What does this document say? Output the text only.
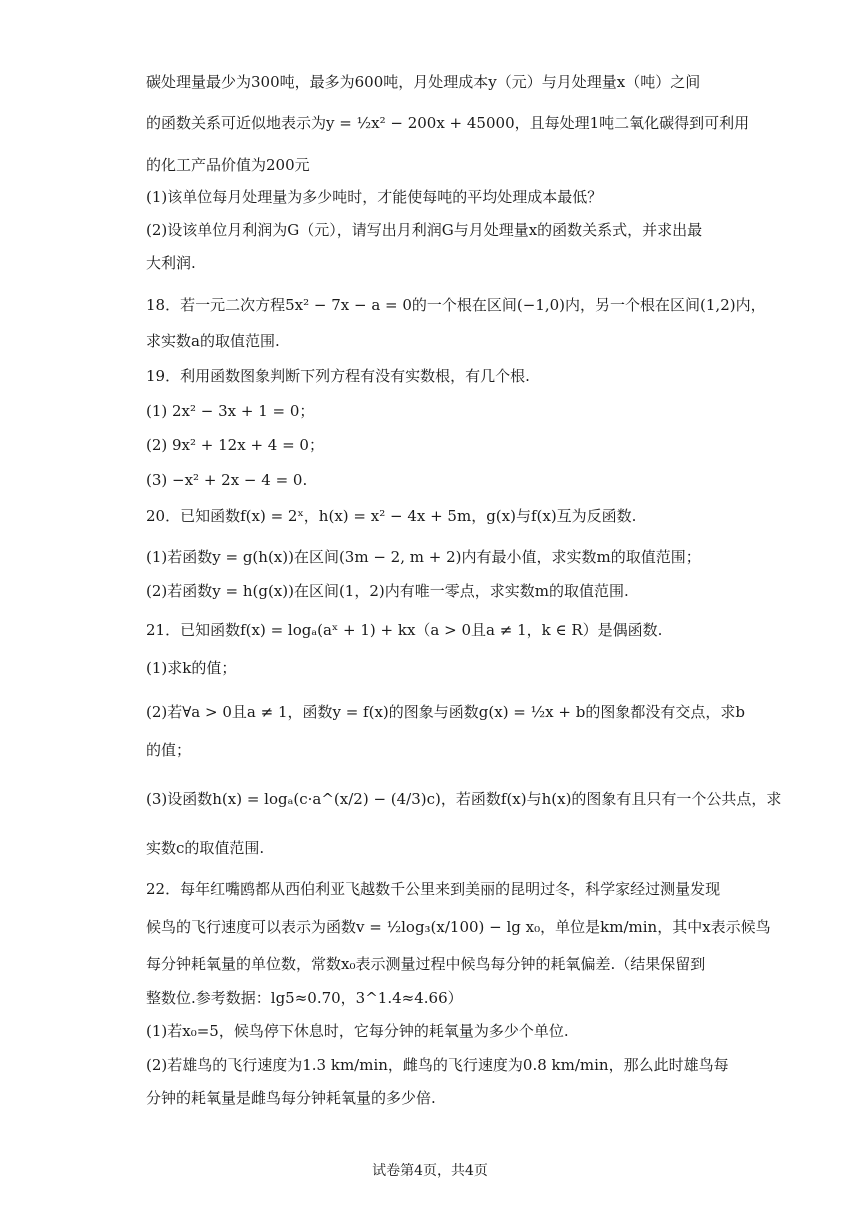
碳处理量最少为300吨，最多为600吨，月处理成本y（元）与月处理量x（吨）之间
的函数关系可近似地表示为y = ½x² − 200x + 45000，且每处理1吨二氧化碳得到可利用
的化工产品价值为200元
(1)该单位每月处理量为多少吨时，才能使每吨的平均处理成本最低？
(2)设该单位月利润为G（元），请写出月利润G与月处理量x的函数关系式，并求出最
大利润.
18．若一元二次方程5x² − 7x − a = 0的一个根在区间(−1,0)内，另一个根在区间(1,2)内，
求实数a的取值范围.
19．利用函数图象判断下列方程有没有实数根，有几个根.
(1) 2x² − 3x + 1 = 0；
(2) 9x² + 12x + 4 = 0；
(3) −x² + 2x − 4 = 0.
20．已知函数f(x) = 2ˣ，h(x) = x² − 4x + 5m，g(x)与f(x)互为反函数.
(1)若函数y = g(h(x))在区间(3m − 2, m + 2)内有最小值，求实数m的取值范围；
(2)若函数y = h(g(x))在区间(1，2)内有唯一零点，求实数m的取值范围.
21．已知函数f(x) = logₐ(aˣ + 1) + kx（a > 0且a ≠ 1，k ∈ R）是偶函数.
(1)求k的值；
(2)若∀a > 0且a ≠ 1，函数y = f(x)的图象与函数g(x) = ½x + b的图象都没有交点，求b
的值；
(3)设函数h(x) = logₐ(c·a^(x/2) − (4/3)c)，若函数f(x)与h(x)的图象有且只有一个公共点，求
实数c的取值范围.
22．每年红嘴鸥都从西伯利亚飞越数千公里来到美丽的昆明过冬，科学家经过测量发现
候鸟的飞行速度可以表示为函数v = ½log₃(x/100) − lg x₀，单位是km/min，其中x表示候鸟
每分钟耗氧量的单位数，常数x₀表示测量过程中候鸟每分钟的耗氧偏差.（结果保留到
整数位.参考数据：lg5≈0.70，3^1.4≈4.66）
(1)若x₀=5，候鸟停下休息时，它每分钟的耗氧量为多少个单位.
(2)若雄鸟的飞行速度为1.3 km/min，雌鸟的飞行速度为0.8 km/min，那么此时雄鸟每
分钟的耗氧量是雌鸟每分钟耗氧量的多少倍.
试卷第4页，共4页
